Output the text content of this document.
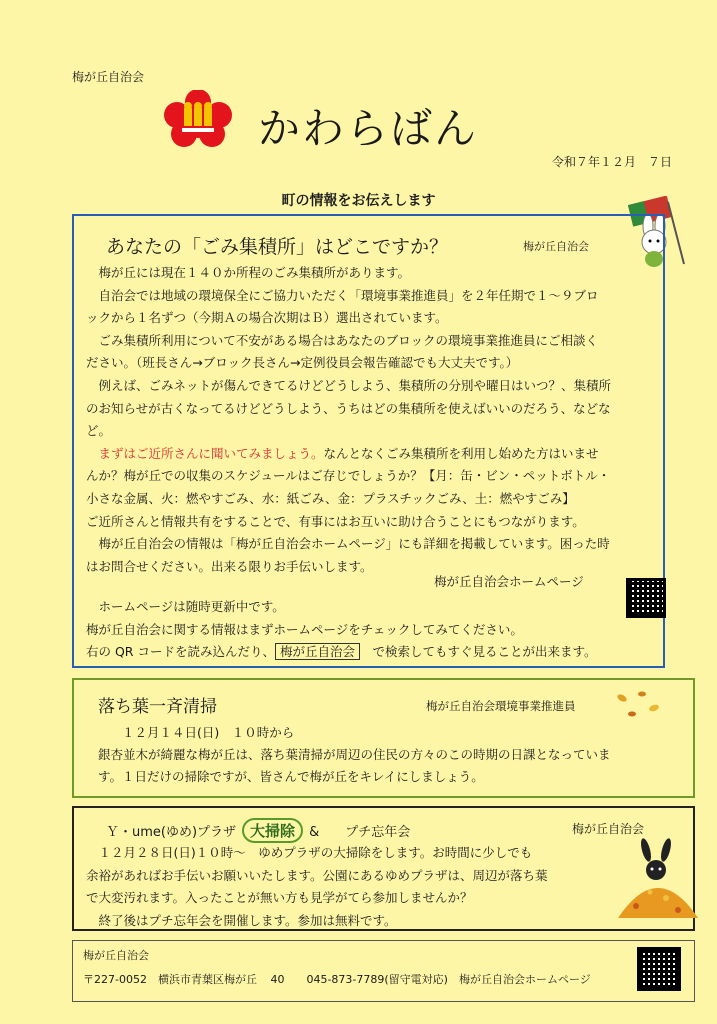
梅が丘自治会
かわらばん
令和７年１２月　７日
町の情報をお伝えします
あなたの「ごみ集積所」はどこですか？	梅が丘自治会
　梅が丘には現在１４０か所程のごみ集積所があります。
　自治会では地域の環境保全にご協力いただく「環境事業推進員」を２年任期で１～９ブロ
ックから１名ずつ（今期Ａの場合次期はＢ）選出されています。
　ごみ集積所利用について不安がある場合はあなたのブロックの環境事業推進員にご相談く
ださい。（班長さん→ブロック長さん→定例役員会報告確認でも大丈夫です。）
　例えば、ごみネットが傷んできてるけどどうしよう、集積所の分別や曜日はいつ？、集積所
のお知らせが古くなってるけどどうしよう、うちはどの集積所を使えばいいのだろう、などな
ど。
　まずはご近所さんに聞いてみましょう。なんとなくごみ集積所を利用し始めた方はいませ
んか？梅が丘での収集のスケジュールはご存じでしょうか？【月：缶・ビン・ペットボトル・
小さな金属、火：燃やすごみ、水：紙ごみ、金：プラスチックごみ、土：燃やすごみ】
ご近所さんと情報共有をすることで、有事にはお互いに助け合うことにもつながります。
　梅が丘自治会の情報は「梅が丘自治会ホームページ」にも詳細を掲載しています。困った時
はお問合せください。出来る限りお手伝いします。
梅が丘自治会ホームページ
　ホームページは随時更新中です。
梅が丘自治会に関する情報はまずホームページをチェックしてみてください。
右の QR コードを読み込んだり、 梅が丘自治会　で検索してもすぐ見ることが出来ます。
落ち葉一斉清掃	梅が丘自治会環境事業推進員
１２月１４日(日)　１０時から
銀杏並木が綺麗な梅が丘は、落ち葉清掃が周辺の住民の方々のこの時期の日課となっていま
す。１日だけの掃除ですが、皆さんで梅が丘をキレイにしましょう。
Ｙ・ume(ゆめ)プラザ 大掃除 &　　プチ忘年会	梅が丘自治会
　１２月２８日(日)１０時～　ゆめプラザの大掃除をします。お時間に少しでも
余裕があればお手伝いお願いいたします。公園にあるゆめプラザは、周辺が落ち葉
で大変汚れます。入ったことが無い方も見学がてら参加しませんか？
　終了後はプチ忘年会を開催します。参加は無料です。
梅が丘自治会
〒227-0052　横浜市青葉区梅が丘 40　　045-873-7789(留守電対応)　梅が丘自治会ホームページ
